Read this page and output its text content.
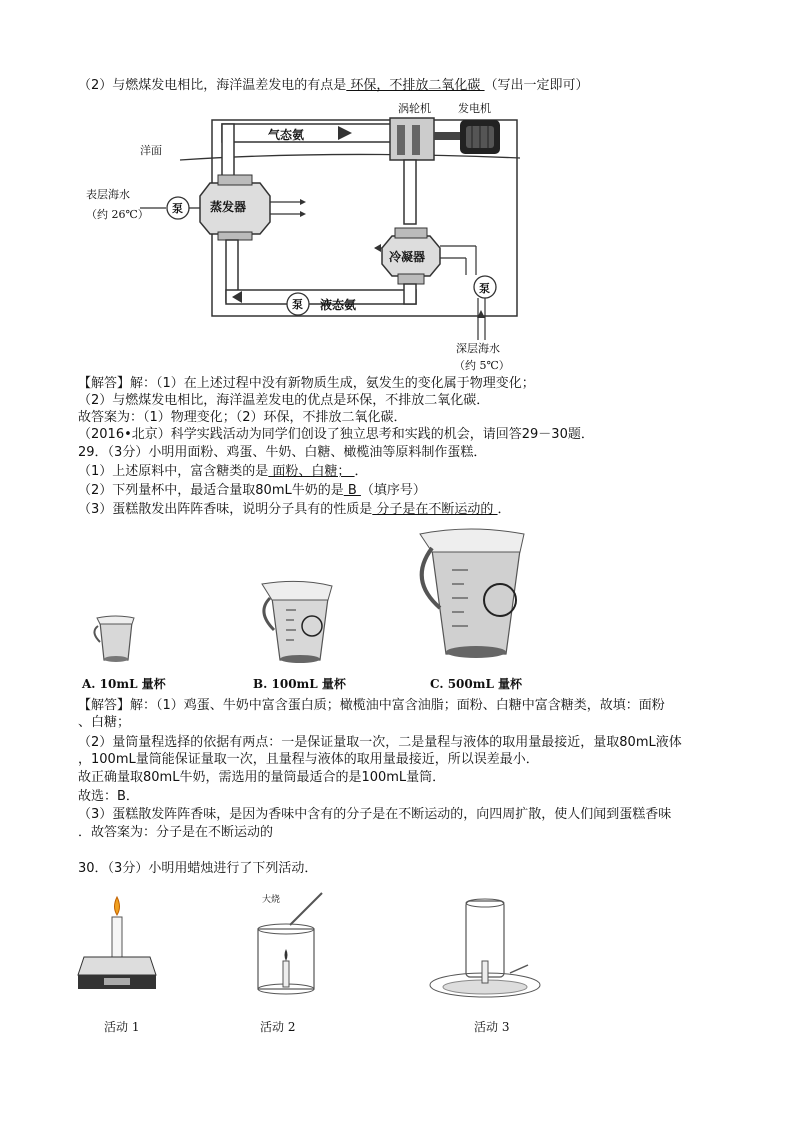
（2）与燃煤发电相比，海洋温差发电的有点是 环保，不排放二氧化碳 （写出一定即可）
涡轮机 发电机
洋面
气态氨
表层海水
（约 26℃） 泵 蒸发器
冷凝器
泵 液态氨
泵
深层海水
（约 5℃）
【解答】解：（1）在上述过程中没有新物质生成，氨发生的变化属于物理变化；
（2）与燃煤发电相比，海洋温差发电的优点是环保，不排放二氧化碳．
故答案为：（1）物理变化；（2）环保，不排放二氧化碳．
（2016•北京）科学实践活动为同学们创设了独立思考和实践的机会，请回答29－30题．
29．（3分）小明用面粉、鸡蛋、牛奶、白糖、橄榄油等原料制作蛋糕．
（1）上述原料中，富含糖类的是 面粉、白糖； ．
（2）下列量杯中，最适合量取80mL牛奶的是 B （填序号）
（3）蛋糕散发出阵阵香味，说明分子具有的性质是 分子是在不断运动的 ．
A. 10mL 量杯	B. 100mL 量杯	C. 500mL 量杯
【解答】解：（1）鸡蛋、牛奶中富含蛋白质；橄榄油中富含油脂；面粉、白糖中富含糖类，故填：面粉
、白糖；
（2）量筒量程选择的依据有两点：一是保证量取一次，二是量程与液体的取用量最接近，量取80mL液体
，100mL量筒能保证量取一次，且量程与液体的取用量最接近，所以误差最小．
故正确量取80mL牛奶，需选用的量筒最适合的是100mL量筒．
故选：B．
（3）蛋糕散发阵阵香味，是因为香味中含有的分子是在不断运动的，向四周扩散，使人们闻到蛋糕香味
．故答案为：分子是在不断运动的
30．（3分）小明用蜡烛进行了下列活动．
大烧
活动 1	活动 2	活动 3
